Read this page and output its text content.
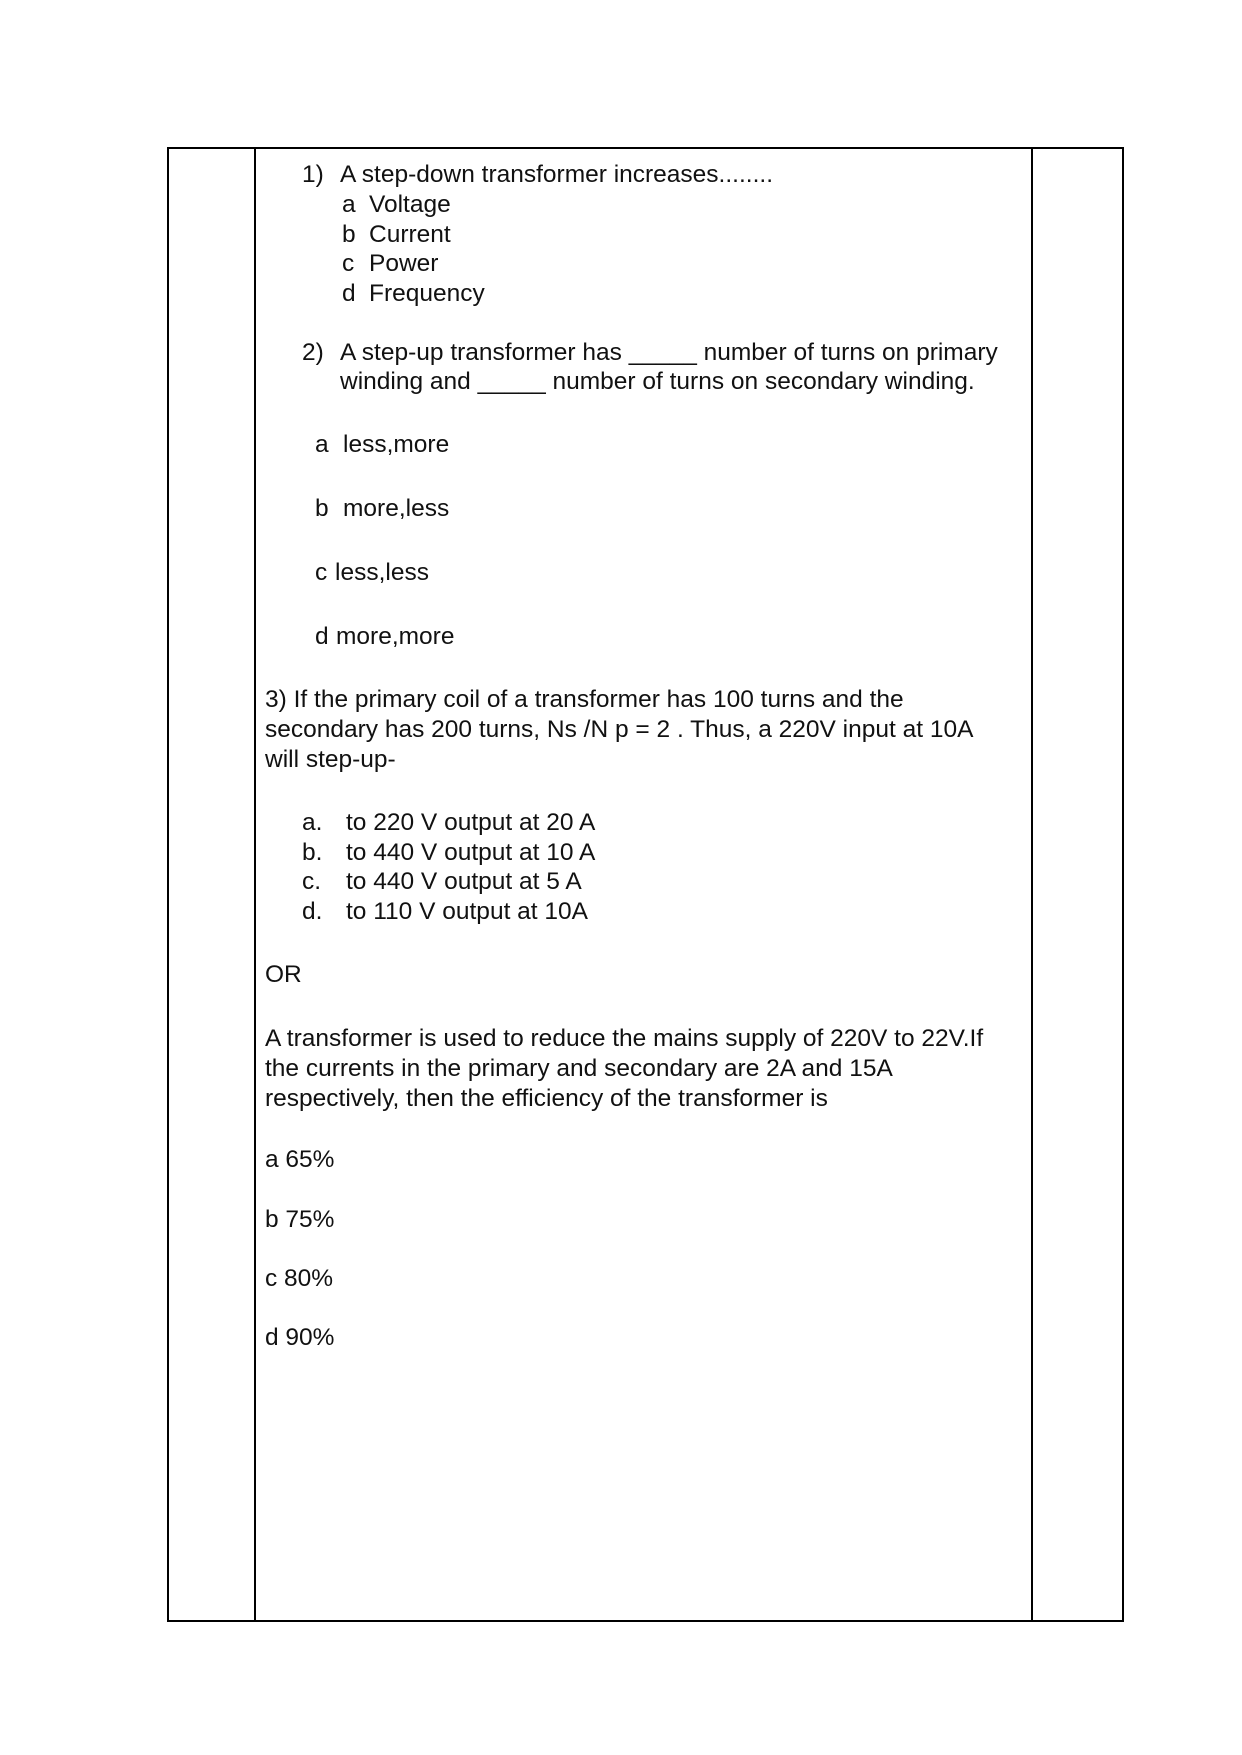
1) A step-down transformer increases........
a Voltage
b Current
c Power
d Frequency
2) A step-up transformer has _____ number of turns on primary
winding and _____ number of turns on secondary winding.
a less,more
b more,less
c less,less
d more,more
3) If the primary coil of a transformer has 100 turns and the
secondary has 200 turns, Ns /N p = 2 . Thus, a 220V input at 10A
will step-up-
a. to 220 V output at 20 A
b. to 440 V output at 10 A
c. to 440 V output at 5 A
d. to 110 V output at 10A
OR
A transformer is used to reduce the mains supply of 220V to 22V.If
the currents in the primary and secondary are 2A and 15A
respectively, then the efficiency of the transformer is
a 65%
b 75%
c 80%
d 90%
